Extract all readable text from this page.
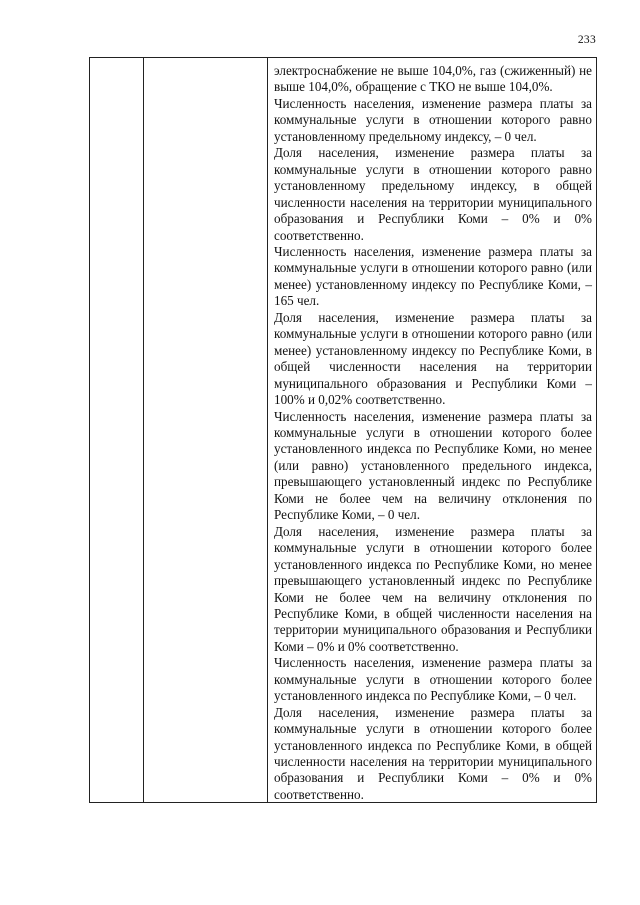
233

электроснабжение не выше 104,0%, газ (сжиженный) не выше 104,0%, обращение с ТКО не выше 104,0%.

Численность населения, изменение размера платы за коммунальные услуги в отношении которого равно установленному предельному индексу, – 0 чел.

Доля населения, изменение размера платы за коммунальные услуги в отношении которого равно установленному предельному индексу, в общей численности населения на территории муниципального образования и Республики Коми – 0% и 0% соответственно.

Численность населения, изменение размера платы за коммунальные услуги в отношении которого равно (или менее) установленному индексу по Республике Коми, – 165 чел.

Доля населения, изменение размера платы за коммунальные услуги в отношении которого равно (или менее) установленному индексу по Республике Коми, в общей численности населения на территории муниципального образования и Республики Коми – 100% и 0,02% соответственно.

Численность населения, изменение размера платы за коммунальные услуги в отношении которого более установленного индекса по Республике Коми, но менее (или равно) установленного предельного индекса, превышающего установленный индекс по Республике Коми не более чем на величину отклонения по Республике Коми, – 0 чел.

Доля населения, изменение размера платы за коммунальные услуги в отношении которого более установленного индекса по Республике Коми, но менее превышающего установленный индекс по Республике Коми не более чем на величину отклонения по Республике Коми, в общей численности населения на территории муниципального образования и Республики Коми – 0% и 0% соответственно.

Численность населения, изменение размера платы за коммунальные услуги в отношении которого более установленного индекса по Республике Коми, – 0 чел.

Доля населения, изменение размера платы за коммунальные услуги в отношении которого более установленного индекса по Республике Коми, в общей численности населения на территории муниципального образования и Республики Коми – 0% и 0% соответственно.
